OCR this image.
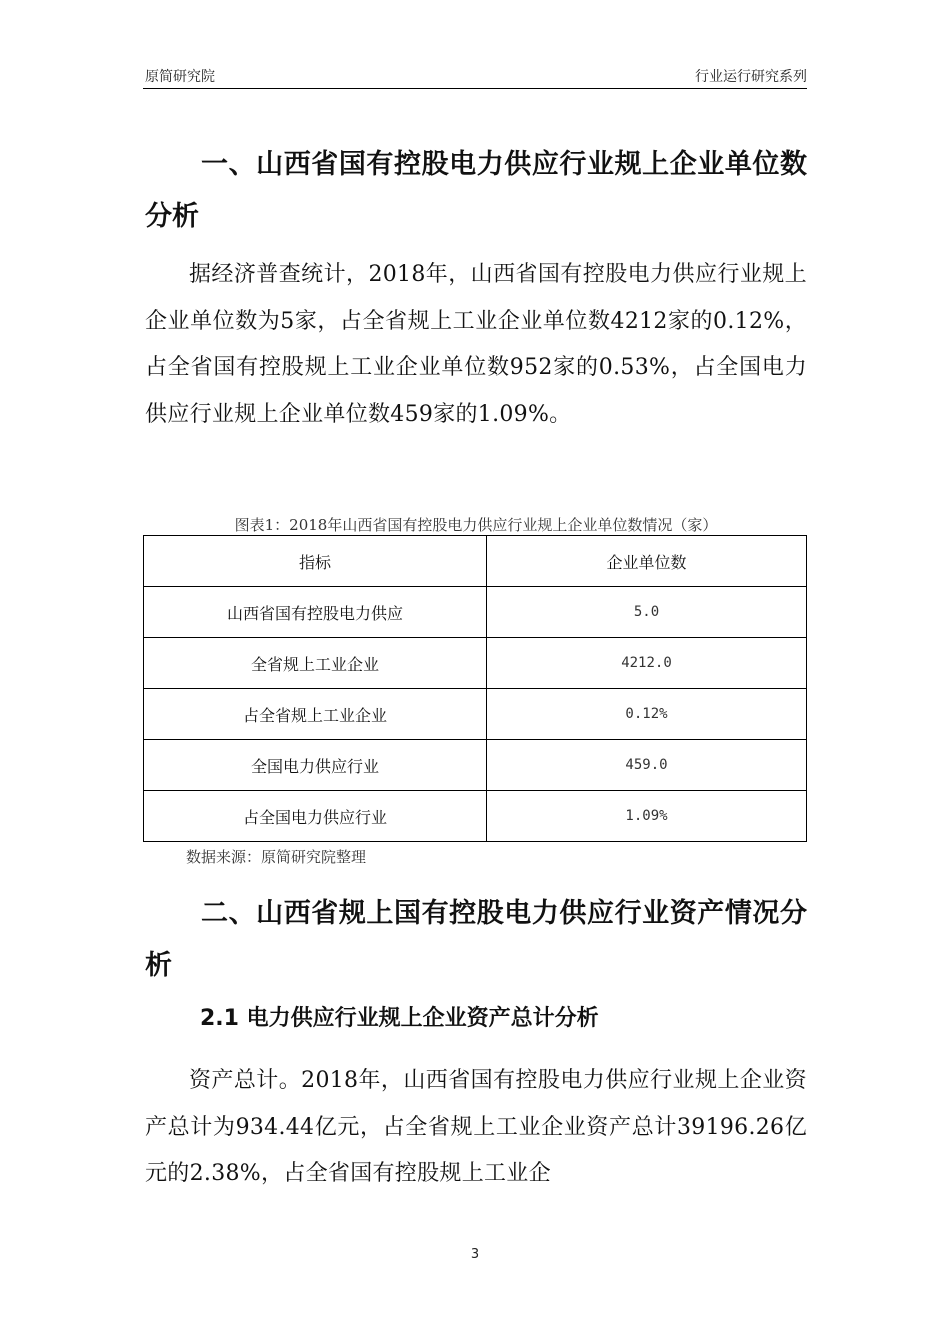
原简研究院	行业运行研究系列
一、山西省国有控股电力供应行业规上企业单位数分析
据经济普查统计，2018年，山西省国有控股电力供应行业规上企业单位数为5家，占全省规上工业企业单位数4212家的0.12%，占全省国有控股规上工业企业单位数952家的0.53%，占全国电力供应行业规上企业单位数459家的1.09%。
图表1：2018年山西省国有控股电力供应行业规上企业单位数情况（家）
指标	企业单位数
山西省国有控股电力供应	5.0
全省规上工业企业	4212.0
占全省规上工业企业	0.12%
全国电力供应行业	459.0
占全国电力供应行业	1.09%
数据来源：原简研究院整理
二、山西省规上国有控股电力供应行业资产情况分析
2.1 电力供应行业规上企业资产总计分析
资产总计。2018年，山西省国有控股电力供应行业规上企业资产总计为934.44亿元，占全省规上工业企业资产总计39196.26亿元的2.38%，占全省国有控股规上工业企
3
